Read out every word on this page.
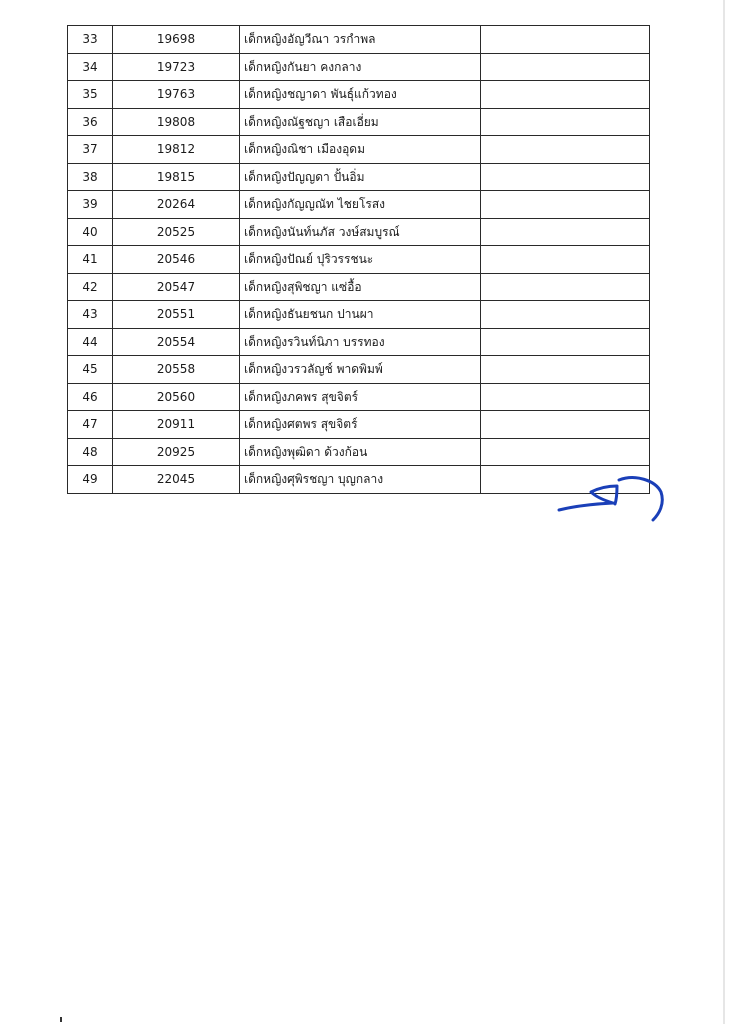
33	19698	เด็กหญิงอัญวีณา วรกำพล	
34	19723	เด็กหญิงกันยา คงกลาง	
35	19763	เด็กหญิงชญาดา พันธุ์แก้วทอง	
36	19808	เด็กหญิงณัฐชญา เสือเอี่ยม	
37	19812	เด็กหญิงณิชา เมืองอุดม	
38	19815	เด็กหญิงปัญญดา ปั้นอิ่ม	
39	20264	เด็กหญิงกัญญณัท ไชยโรสง	
40	20525	เด็กหญิงนันท์นภัส วงษ์สมบูรณ์	
41	20546	เด็กหญิงปัณย์ ปุริวรรชนะ	
42	20547	เด็กหญิงสุพิชญา แซ่อื้อ	
43	20551	เด็กหญิงธันยชนก ปานผา	
44	20554	เด็กหญิงรวินท์นิภา บรรทอง	
45	20558	เด็กหญิงวรวลัญช์ พาดพิมพ์	
46	20560	เด็กหญิงภคพร สุขจิตร์	
47	20911	เด็กหญิงศตพร สุขจิตร์	
48	20925	เด็กหญิงพุฒิดา ด้วงก้อน	
49	22045	เด็กหญิงศุพิรชญา บุญกลาง	
